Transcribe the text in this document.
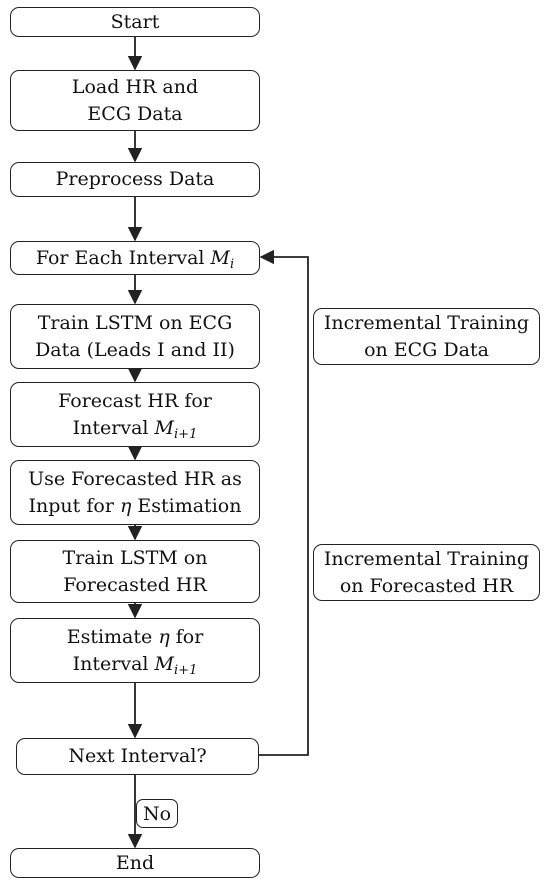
Start
Load HR and
ECG Data
Preprocess Data
For Each Interval $M_i$
Train LSTM on ECG
Data (Leads I and II)
Forecast HR for
Interval $M_{i+1}$
Use Forecasted HR as
Input for η Estimation
Train LSTM on
Forecasted HR
Estimate η for
Interval $M_{i+1}$
Next Interval?
No
End
Incremental Training
on ECG Data
Incremental Training
on Forecasted HR
